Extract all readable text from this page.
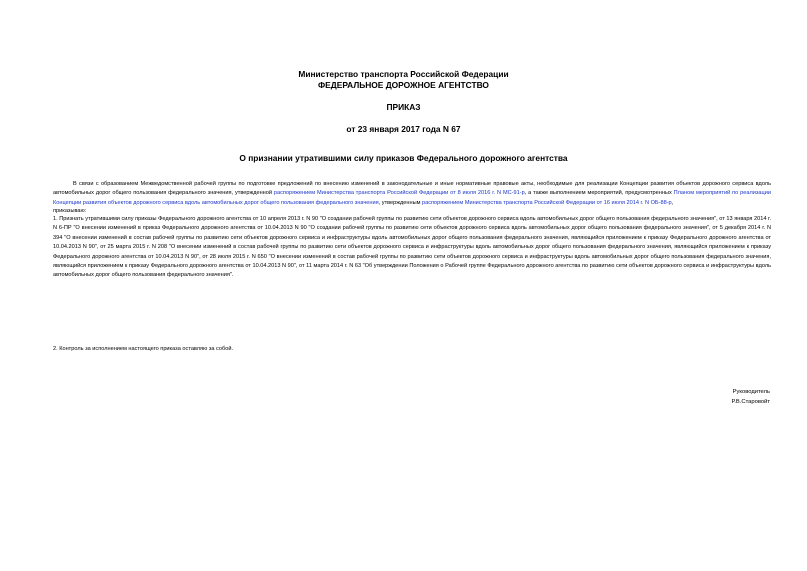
Министерство транспорта Российской Федерации
ФЕДЕРАЛЬНОЕ ДОРОЖНОЕ АГЕНТСТВО
ПРИКАЗ
от 23 января 2017 года N 67
О признании утратившими силу приказов Федерального дорожного агентства
В связи с образованием Межведомственной рабочей группы по подготовке предложений по внесению изменений в законодательные и иные нормативные правовые акты, необходимые для реализации Концепции развития объектов дорожного сервиса вдоль автомобильных дорог общего пользования федерального значения, утвержденной распоряжением Министерства транспорта Российской Федерации от 8 июля 2016 г. N МС-91-р, а также выполнением мероприятий, предусмотренных Планом мероприятий по реализации Концепции развития объектов дорожного сервиса вдоль автомобильных дорог общего пользования федерального значения, утвержденным распоряжением Министерства транспорта Российской Федерации от 16 июля 2014 г. N ОБ-88-р,
приказываю:
1. Признать утратившими силу приказы Федерального дорожного агентства от 10 апреля 2013 г. N 90 "О создании рабочей группы по развитию сети объектов дорожного сервиса вдоль автомобильных дорог общего пользования федерального значения", от 13 января 2014 г. N 6-ПР "О внесении изменений в приказ Федерального дорожного агентства от 10.04.2013 N 90 "О создании рабочей группы по развитию сети объектов дорожного сервиса вдоль автомобильных дорог общего пользования федерального значения", от 5 декабря 2014 г. N 394 "О внесении изменений в состав рабочей группы по развитию сети объектов дорожного сервиса и инфраструктуры вдоль автомобильных дорог общего пользования федерального значения, являющийся приложением к приказу Федерального дорожного агентства от 10.04.2013 N 90", от 25 марта 2015 г. N 208 "О внесении изменений в состав рабочей группы по развитию сети объектов дорожного сервиса и инфраструктуры вдоль автомобильных дорог общего пользования федерального значения, являющийся приложением к приказу Федерального дорожного агентства от 10.04.2013 N 90", от 28 июля 2015 г. N 650 "О внесении изменений в состав рабочей группы по развитию сети объектов дорожного сервиса и инфраструктуры вдоль автомобильных дорог общего пользования федерального значения, являющийся приложением к приказу Федерального дорожного агентства от 10.04.2013 N 90", от 11 марта 2014 г. N 63 "Об утверждении Положения о Рабочей группе Федерального дорожного агентства по развитию сети объектов дорожного сервиса и инфраструктуры вдоль автомобильных дорог общего пользования федерального значения".
2. Контроль за исполнением настоящего приказа оставляю за собой.
Руководитель
Р.В.Старовойт
